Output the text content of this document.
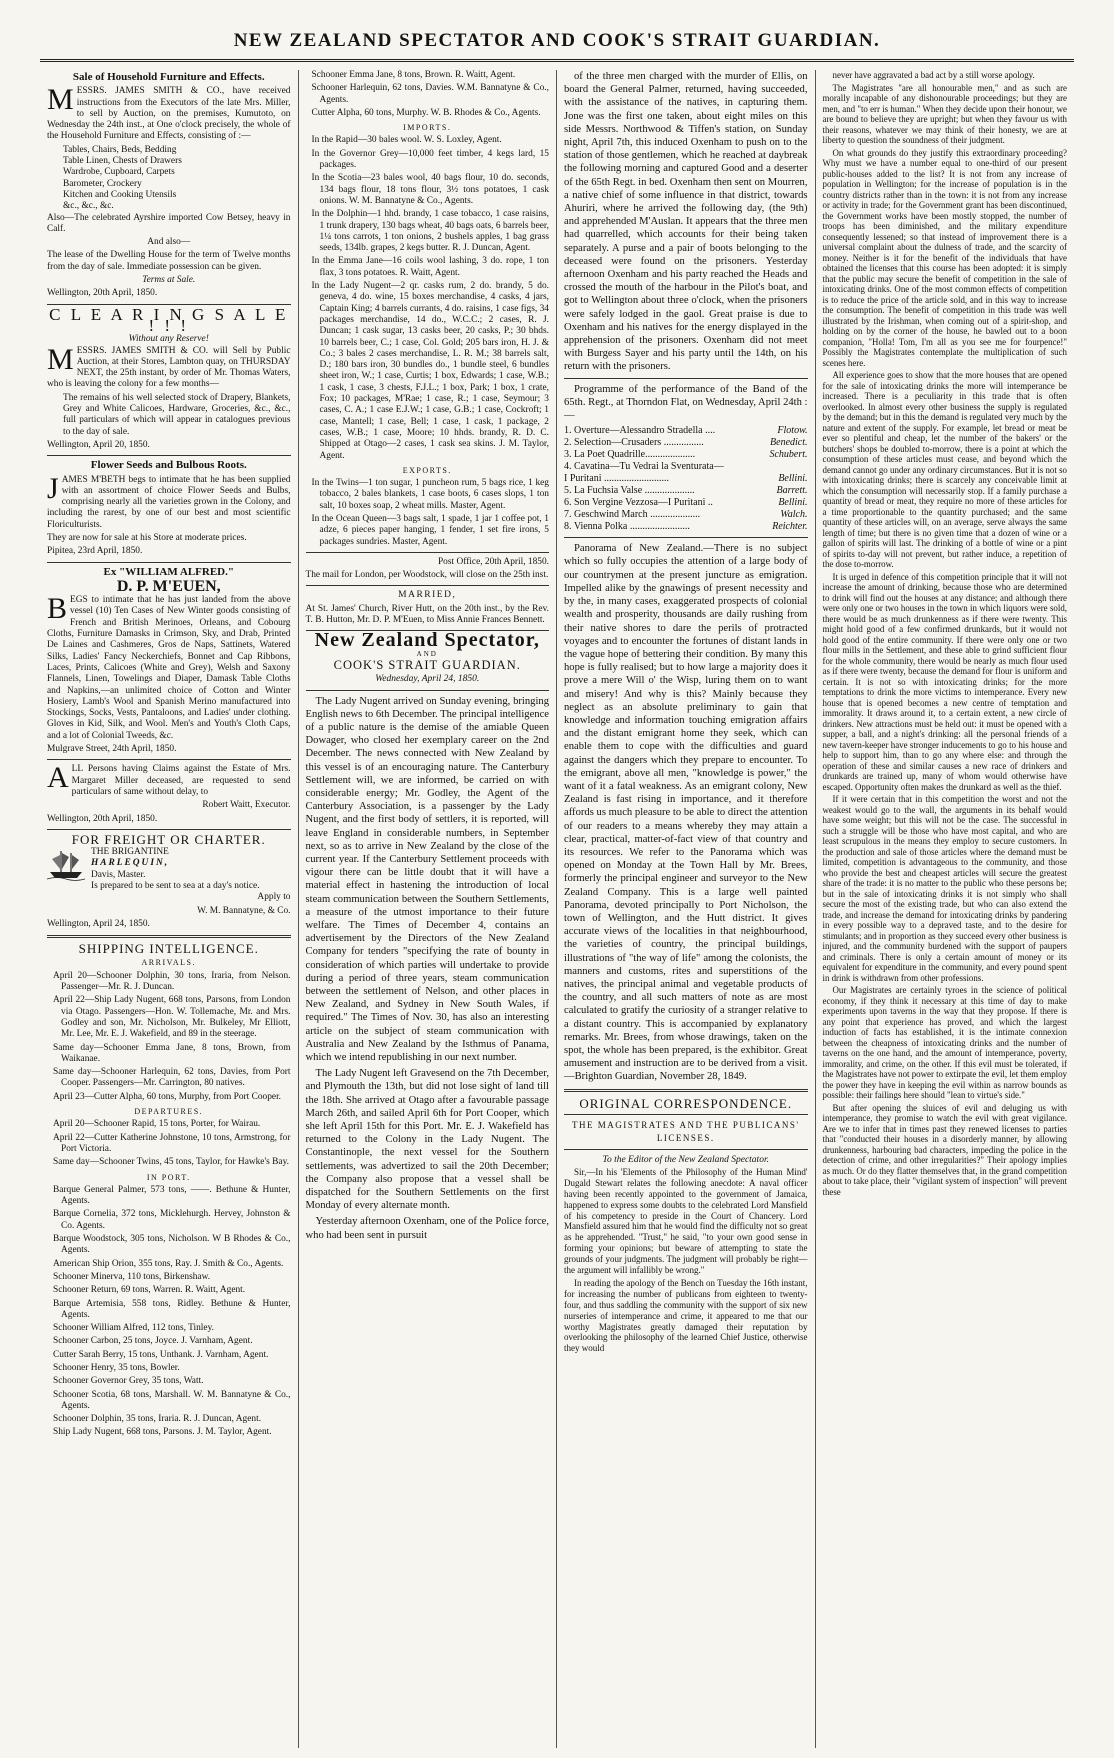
NEW ZEALAND SPECTATOR AND COOK'S STRAIT GUARDIAN.
Sale of Household Furniture and Effects.

MESSRS. JAMES SMITH & CO., have received instructions from the Executors of the late Mrs. Miller, to sell by Auction, on the premises, Kumutoto, on Wednesday the 24th inst., at One o'clock precisely, the whole of the Household Furniture and Effects, consisting of :—

Tables, Chairs, Beds, Bedding
Table Linen, Chests of Drawers
Wardrobe, Cupboard, Carpets
Barometer, Crockery
Kitchen and Cooking Utensils
&c., &c., &c.

Also—The celebrated Ayrshire imported Cow Betsey, heavy in Calf.

And also—

The lease of the Dwelling House for the term of Twelve months from the day of sale. Immediate possession can be given.

Terms at Sale.

Wellington, 20th April, 1850.

C L E A R I N G S A L E ! ! !
Without any Reserve!

MESSRS. JAMES SMITH & CO. will Sell by Public Auction, at their Stores, Lambton quay, on THURSDAY NEXT, the 25th instant, by order of Mr. Thomas Waters, who is leaving the colony for a few months—

The remains of his well selected stock of Drapery, Blankets, Grey and White Calicoes, Hardware, Groceries, &c., &c., full particulars of which will appear in catalogues previous to the day of sale.

Wellington, April 20, 1850.

Flower Seeds and Bulbous Roots.

JAMES M'BETH begs to intimate that he has been supplied with an assortment of choice Flower Seeds and Bulbs, comprising nearly all the varieties grown in the Colony, and including the rarest, by one of our best and most scientific Floriculturists.

They are now for sale at his Store at moderate prices.

Pipitea, 23rd April, 1850.

Ex "WILLIAM ALFRED."
D. P. M'EUEN,

BEGS to intimate that he has just landed from the above vessel (10) Ten Cases of New Winter goods consisting of French and British Merinoes, Orleans, and Cobourg Cloths, Furniture Damasks in Crimson, Sky, and Drab, Printed De Laines and Cashmeres, Gros de Naps, Sattinets, Watered Silks, Ladies' Fancy Neckerchiefs, Bonnet and Cap Ribbons, Laces, Prints, Calicoes (White and Grey), Welsh and Saxony Flannels, Linen, Towelings and Diaper, Damask Table Cloths and Napkins,—an unlimited choice of Cotton and Winter Hosiery, Lamb's Wool and Spanish Merino manufactured into Stockings, Socks, Vests, Pantaloons, and Ladies' under clothing. Gloves in Kid, Silk, and Wool. Men's and Youth's Cloth Caps, and a lot of Colonial Tweeds, &c.

Mulgrave Street, 24th April, 1850.

ALL Persons having Claims against the Estate of Mrs. Margaret Miller deceased, are requested to send particulars of same without delay, to

Robert Waitt, Executor.

Wellington, 20th April, 1850.

FOR FREIGHT OR CHARTER.
THE BRIGANTINE
HARLEQUIN,
Davis, Master.
Is prepared to be sent to sea at a day's notice.

Apply to

W. M. Bannatyne, & Co.

Wellington, April 24, 1850.

SHIPPING INTELLIGENCE.
ARRIVALS.

April 20—Schooner Dolphin, 30 tons, Iraria, from Nelson. Passenger—Mr. R. J. Duncan.

April 22—Ship Lady Nugent, 668 tons, Parsons, from London via Otago. Passengers—Hon. W. Tollemache, Mr. and Mrs. Godley and son, Mr. Nicholson, Mr. Bulkeley, Mr Elliott, Mr. Lee, Mr. E. J. Wakefield, and 89 in the steerage.

Same day—Schooner Emma Jane, 8 tons, Brown, from Waikanae.

Same day—Schooner Harlequin, 62 tons, Davies, from Port Cooper. Passengers—Mr. Carrington, 80 natives.

April 23—Cutter Alpha, 60 tons, Murphy, from Port Cooper.

DEPARTURES.

April 20—Schooner Rapid, 15 tons, Porter, for Wairau.

April 22—Cutter Katherine Johnstone, 10 tons, Armstrong, for Port Victoria.

Same day—Schooner Twins, 45 tons, Taylor, for Hawke's Bay.

IN PORT.

Barque General Palmer, 573 tons, ——. Bethune & Hunter, Agents.

Barque Cornelia, 372 tons, Micklehurgh. Hervey, Johnston & Co. Agents.

Barque Woodstock, 305 tons, Nicholson. W B Rhodes & Co., Agents.

American Ship Orion, 355 tons, Ray. J. Smith & Co., Agents.

Schooner Minerva, 110 tons, Birkenshaw.

Schooner Return, 69 tons, Warren. R. Waitt, Agent.

Barque Artemisia, 558 tons, Ridley. Bethune & Hunter, Agents.

Schooner William Alfred, 112 tons, Tinley.

Schooner Carbon, 25 tons, Joyce. J. Varnham, Agent.

Cutter Sarah Berry, 15 tons, Unthank. J. Varnham, Agent.

Schooner Henry, 35 tons, Bowler.

Schooner Governor Grey, 35 tons, Watt.

Schooner Scotia, 68 tons, Marshall. W. M. Bannatyne & Co., Agents.

Schooner Dolphin, 35 tons, Iraria. R. J. Duncan, Agent.

Ship Lady Nugent, 668 tons, Parsons. J. M. Taylor, Agent.

Schooner Emma Jane, 8 tons, Brown. R. Waitt, Agent.

Schooner Harlequin, 62 tons, Davies. W.M. Bannatyne & Co., Agents.

Cutter Alpha, 60 tons, Murphy. W. B. Rhodes & Co., Agents.

IMPORTS.

In the Rapid—30 bales wool. W. S. Loxley, Agent.

In the Governor Grey—10,000 feet timber, 4 kegs lard, 15 packages.

In the Scotia—23 bales wool, 40 bags flour, 10 do. seconds, 134 bags flour, 18 tons flour, 3½ tons potatoes, 1 cask onions. W. M. Bannatyne & Co., Agents.

In the Dolphin—1 hhd. brandy, 1 case tobacco, 1 case raisins, 1 trunk drapery, 130 bags wheat, 40 bags oats, 6 barrels beer, 1¼ tons carrots, 1 ton onions, 2 bushels apples, 1 bag grass seeds, 134lb. grapes, 2 kegs butter. R. J. Duncan, Agent.

In the Emma Jane—16 coils wool lashing, 3 do. rope, 1 ton flax, 3 tons potatoes. R. Waitt, Agent.

In the Lady Nugent—2 qr. casks rum, 2 do. brandy, 5 do. geneva, 4 do. wine, 15 boxes merchandise, 4 casks, 4 jars, Captain King; 4 barrels currants, 4 do. raisins, 1 case figs, 34 packages merchandise, 14 do., W.C.C.; 2 cases, R. J. Duncan; 1 cask sugar, 13 casks beer, 20 casks, P.; 30 bhds. 10 barrels beer, C.; 1 case, Col. Gold; 205 bars iron, H. J. & Co.; 3 bales 2 cases merchandise, L. R. M.; 38 barrels salt, D.; 180 bars iron, 30 bundles do., 1 bundle steel, 6 bundles sheet iron, W.; 1 case, Curtis; 1 box, Edwards; 1 case, W.B.; 1 cask, 1 case, 3 chests, F.J.L.; 1 box, Park; 1 box, 1 crate, Fox; 10 packages, M'Rae; 1 case, R.; 1 case, Seymour; 3 cases, C. A.; 1 case E.J.W.; 1 case, G.B.; 1 case, Cockroft; 1 case, Mantell; 1 case, Bell; 1 case, 1 cask, 1 package, 2 cases, W.B.; 1 case, Moore; 10 hhds. brandy, R. D. C. Shipped at Otago—2 cases, 1 cask sea skins. J. M. Taylor, Agent.

EXPORTS.

In the Twins—1 ton sugar, 1 puncheon rum, 5 bags rice, 1 keg tobacco, 2 bales blankets, 1 case boots, 6 cases slops, 1 ton salt, 10 boxes soap, 2 wheat mills. Master, Agent.

In the Ocean Queen—3 bags salt, 1 spade, 1 jar 1 coffee pot, 1 adze, 6 pieces paper hanging, 1 fender, 1 set fire irons, 5 packages sundries. Master, Agent.

Post Office, 20th April, 1850.

The mail for London, per Woodstock, will close on the 25th inst.

MARRIED,

At St. James' Church, River Hutt, on the 20th inst., by the Rev. T. B. Hutton, Mr. D. P. M'Euen, to Miss Annie Frances Bennett.

New Zealand Spectator,
AND
COOK'S STRAIT GUARDIAN.
Wednesday, April 24, 1850.

The Lady Nugent arrived on Sunday evening, bringing English news to 6th December. The principal intelligence of a public nature is the demise of the amiable Queen Dowager, who closed her exemplary career on the 2nd December. The news connected with New Zealand by this vessel is of an encouraging nature. The Canterbury Settlement will, we are informed, be carried on with considerable energy; Mr. Godley, the Agent of the Canterbury Association, is a passenger by the Lady Nugent, and the first body of settlers, it is reported, will leave England in considerable numbers, in September next, so as to arrive in New Zealand by the close of the current year. If the Canterbury Settlement proceeds with vigour there can be little doubt that it will have a material effect in hastening the introduction of local steam communication between the Southern Settlements, a measure of the utmost importance to their future welfare. The Times of December 4, contains an advertisement by the Directors of the New Zealand Company for tenders "specifying the rate of bounty in consideration of which parties will undertake to provide during a period of three years, steam communication between the settlement of Nelson, and other places in New Zealand, and Sydney in New South Wales, if required." The Times of Nov. 30, has also an interesting article on the subject of steam communication with Australia and New Zealand by the Isthmus of Panama, which we intend republishing in our next number.

The Lady Nugent left Gravesend on the 7th December, and Plymouth the 13th, but did not lose sight of land till the 18th. She arrived at Otago after a favourable passage March 26th, and sailed April 6th for Port Cooper, which she left April 15th for this Port. Mr. E. J. Wakefield has returned to the Colony in the Lady Nugent. The Constantinople, the next vessel for the Southern settlements, was advertized to sail the 20th December; the Company also propose that a vessel shall be dispatched for the Southern Settlements on the first Monday of every alternate month.

Yesterday afternoon Oxenham, one of the Police force, who had been sent in pursuit

of the three men charged with the murder of Ellis, on board the General Palmer, returned, having succeeded, with the assistance of the natives, in capturing them. Jone was the first one taken, about eight miles on this side Messrs. Northwood & Tiffen's station, on Sunday night, April 7th, this induced Oxenham to push on to the station of those gentlemen, which he reached at daybreak the following morning and captured Good and a deserter of the 65th Regt. in bed. Oxenham then sent on Mourren, a native chief of some influence in that district, towards Ahuriri, where he arrived the following day, (the 9th) and apprehended M'Auslan. It appears that the three men had quarrelled, which accounts for their being taken separately. A purse and a pair of boots belonging to the deceased were found on the prisoners. Yesterday afternoon Oxenham and his party reached the Heads and crossed the mouth of the harbour in the Pilot's boat, and got to Wellington about three o'clock, when the prisoners were safely lodged in the gaol. Great praise is due to Oxenham and his natives for the energy displayed in the apprehension of the prisoners. Oxenham did not meet with Burgess Sayer and his party until the 14th, on his return with the prisoners.

Programme of the performance of the Band of the 65th. Regt., at Thorndon Flat, on Wednesday, April 24th :—

1. Overture—Alessandro Stradella ....	Flotow.
2. Selection—Crusaders ................	Benedict.
3. La Poet Quadrille....................	Schubert.
4. Cavatina—Tu Vedrai la Sventurata—
I Puritani ..........................	Bellini.
5. La Fuchsia Valse ....................	Barrett.
6. Son Vergine Vezzosa—I Puritani ..	Bellini.
7. Geschwind March ....................	Walch.
8. Vienna Polka ........................	Reichter.

Panorama of New Zealand.—There is no subject which so fully occupies the attention of a large body of our countrymen at the present juncture as emigration. Impelled alike by the gnawings of present necessity and by the, in many cases, exaggerated prospects of colonial wealth and prosperity, thousands are daily rushing from their native shores to dare the perils of protracted voyages and to encounter the fortunes of distant lands in the vague hope of bettering their condition. By many this hope is fully realised; but to how large a majority does it prove a mere Will o' the Wisp, luring them on to want and misery! And why is this? Mainly because they neglect as an absolute preliminary to gain that knowledge and information touching emigration affairs and the distant emigrant home they seek, which can enable them to cope with the difficulties and guard against the dangers which they prepare to encounter. To the emigrant, above all men, "knowledge is power," the want of it a fatal weakness. As an emigrant colony, New Zealand is fast rising in importance, and it therefore affords us much pleasure to be able to direct the attention of our readers to a means whereby they may attain a clear, practical, matter-of-fact view of that country and its resources. We refer to the Panorama which was opened on Monday at the Town Hall by Mr. Brees, formerly the principal engineer and surveyor to the New Zealand Company. This is a large well painted Panorama, devoted principally to Port Nicholson, the town of Wellington, and the Hutt district. It gives accurate views of the localities in that neighbourhood, the varieties of country, the principal buildings, illustrations of "the way of life" among the colonists, the manners and customs, rites and superstitions of the natives, the principal animal and vegetable products of the country, and all such matters of note as are most calculated to gratify the curiosity of a stranger relative to a distant country. This is accompanied by explanatory remarks. Mr. Brees, from whose drawings, taken on the spot, the whole has been prepared, is the exhibitor. Great amusement and instruction are to be derived from a visit.—Brighton Guardian, November 28, 1849.

ORIGINAL CORRESPONDENCE.
THE MAGISTRATES AND THE PUBLICANS' LICENSES.
To the Editor of the New Zealand Spectator.

Sir,—In his 'Elements of the Philosophy of the Human Mind' Dugald Stewart relates the following anecdote: A naval officer having been recently appointed to the government of Jamaica, happened to express some doubts to the celebrated Lord Mansfield of his competency to preside in the Court of Chancery. Lord Mansfield assured him that he would find the difficulty not so great as he apprehended. "Trust," he said, "to your own good sense in forming your opinions; but beware of attempting to state the grounds of your judgments. The judgment will probably be right—the argument will infallibly be wrong."

In reading the apology of the Bench on Tuesday the 16th instant, for increasing the number of publicans from eighteen to twenty-four, and thus saddling the community with the support of six new nurseries of intemperance and crime, it appeared to me that our worthy Magistrates greatly damaged their reputation by overlooking the philosophy of the learned Chief Justice, otherwise they would

never have aggravated a bad act by a still worse apology.

The Magistrates "are all honourable men," and as such are morally incapable of any dishonourable proceedings; but they are men, and "to err is human." When they decide upon their honour, we are bound to believe they are upright; but when they favour us with their reasons, whatever we may think of their honesty, we are at liberty to question the soundness of their judgment.

On what grounds do they justify this extraordinary proceeding? Why must we have a number equal to one-third of our present public-houses added to the list? It is not from any increase of population in Wellington; for the increase of population is in the country districts rather than in the town: it is not from any increase or activity in trade; for the Government grant has been discontinued, the Government works have been mostly stopped, the number of troops has been diminished, and the military expenditure consequently lessened; so that instead of improvement there is a universal complaint about the dulness of trade, and the scarcity of money. Neither is it for the benefit of the individuals that have obtained the licenses that this course has been adopted: it is simply that the public may secure the benefit of competition in the sale of intoxicating drinks. One of the most common effects of competition is to reduce the price of the article sold, and in this way to increase the consumption. The benefit of competition in this trade was well illustrated by the Irishman, when coming out of a spirit-shop, and holding on by the corner of the house, he bawled out to a boon companion, "Holla! Tom, I'm all as you see me for fourpence!" Possibly the Magistrates contemplate the multiplication of such scenes here.

All experience goes to show that the more houses that are opened for the sale of intoxicating drinks the more will intemperance be increased. There is a peculiarity in this trade that is often overlooked. In almost every other business the supply is regulated by the demand; but in this the demand is regulated very much by the nature and extent of the supply. For example, let bread or meat be ever so plentiful and cheap, let the number of the bakers' or the butchers' shops be doubled to-morrow, there is a point at which the consumption of these articles must cease, and beyond which the demand cannot go under any ordinary circumstances. But it is not so with intoxicating drinks; there is scarcely any conceivable limit at which the consumption will necessarily stop. If a family purchase a quantity of bread or meat, they require no more of these articles for a time proportionable to the quantity purchased; and the same quantity of these articles will, on an average, serve always the same length of time; but there is no given time that a dozen of wine or a gallon of spirits will last. The drinking of a bottle of wine or a pint of spirits to-day will not prevent, but rather induce, a repetition of the dose to-morrow.

It is urged in defence of this competition principle that it will not increase the amount of drinking, because those who are determined to drink will find out the houses at any distance; and although there were only one or two houses in the town in which liquors were sold, there would be as much drunkenness as if there were twenty. This might hold good of a few confirmed drunkards, but it would not hold good of the entire community. If there were only one or two flour mills in the Settlement, and these able to grind sufficient flour for the whole community, there would be nearly as much flour used as if there were twenty, because the demand for flour is uniform and certain. It is not so with intoxicating drinks; for the more temptations to drink the more victims to intemperance. Every new house that is opened becomes a new centre of temptation and immorality. It draws around it, to a certain extent, a new circle of drinkers. New attractions must be held out: it must be opened with a supper, a ball, and a night's drinking: all the personal friends of a new tavern-keeper have stronger inducements to go to his house and help to support him, than to go any where else: and through the operation of these and similar causes a new race of drinkers and drunkards are trained up, many of whom would otherwise have escaped. Opportunity often makes the drunkard as well as the thief.

If it were certain that in this competition the worst and not the weakest would go to the wall, the arguments in its behalf would have some weight; but this will not be the case. The successful in such a struggle will be those who have most capital, and who are least scrupulous in the means they employ to secure customers. In the production and sale of those articles where the demand must be limited, competition is advantageous to the community, and those who provide the best and cheapest articles will secure the greatest share of the trade: it is no matter to the public who these persons be; but in the sale of intoxicating drinks it is not simply who shall secure the most of the existing trade, but who can also extend the trade, and increase the demand for intoxicating drinks by pandering in every possible way to a depraved taste, and to the desire for stimulants; and in proportion as they succeed every other business is injured, and the community burdened with the support of paupers and criminals. There is only a certain amount of money or its equivalent for expenditure in the community, and every pound spent in drink is withdrawn from other professions.

Our Magistrates are certainly tyroes in the science of political economy, if they think it necessary at this time of day to make experiments upon taverns in the way that they propose. If there is any point that experience has proved, and which the largest induction of facts has established, it is the intimate connexion between the cheapness of intoxicating drinks and the number of taverns on the one hand, and the amount of intemperance, poverty, immorality, and crime, on the other. If this evil must be tolerated, if the Magistrates have not power to extirpate the evil, let them employ the power they have in keeping the evil within as narrow bounds as possible: their failings here should "lean to virtue's side."

But after opening the sluices of evil and deluging us with intemperance, they promise to watch the evil with great vigilance. Are we to infer that in times past they renewed licenses to parties that "conducted their houses in a disorderly manner, by allowing drunkenness, harbouring bad characters, impeding the police in the detection of crime, and other irregularities?" Their apology implies as much. Or do they flatter themselves that, in the grand competition about to take place, their "vigilant system of inspection" will prevent these
